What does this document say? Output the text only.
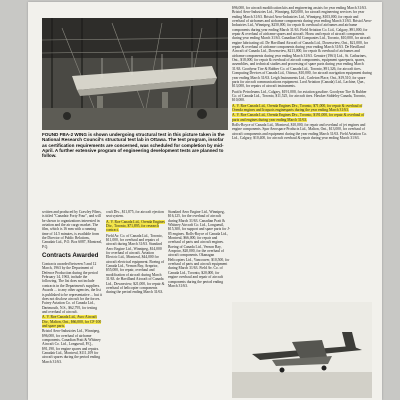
FOUND FBA-2 WING is shown undergoing structural test in this picture taken in the National Research Council's structural test lab in Ottawa. The test program, insofar as certification requirements are concerned, was scheduled for completion by mid-April. A further extensive program of engineering development tests are planned to follow.

$96,000, for aircraft modification kits and engineering assists for year ending March 31/63. Bristol Aero-Industries Ltd., Winnipeg, $20,000, for aircraft engineering services for year ending March 31/63. Bristol Aero-Industries Ltd., Winnipeg, $103,000, for repair and overhaul of airframes and airframe components during year ending March 31/63. Bristol Aero-Industries Ltd., Winnipeg, $250,000, for repair & overhaul of airframes and airframe components during year ending March 31/63. Field Aviation Co. Ltd., Calgary, $91,000, for repair & overhaul of airframe spares and aircraft. Hoaw and repair of aircraft components during year ending March 31/63. Canadian Oil Companies Ltd., Toronto, $10,000, for aircraft engine lubricating oil. De Havilland Aircraft of Canada Ltd., Downsview, Ont., $21,000, for repair & overhaul of airframe components during year ending March 31/63. De Havilland Aircraft of Canada Ltd., Downsview, $211,000, for repair & overhaul of airframes and airframe components during year ending March 31/63. Genaire (1961) Ltd., St. Catharines, Ont., $18,000, for repair & overhaul of aircraft components, equipment spareparts, spares, assemblies, and technical studies and processing of spare parts during year ending March 31/63. Goodyear Tire & Rubber Co. of Canada Ltd., Toronto, $91,326, for aircraft tires. Computing Devices of Canada Ltd., Ottawa, $10,000, for aircraft navigation equipment during year ending March 31/63. Leigh Instruments Ltd., Carleton Place, Ont., $19,510, for spare parts for aircraft communications equipment. Lord Aviation (Canada) Ltd., Lachine, Que., $13,000, for repairs of aircraft instruments.

Pacific Petroleums Ltd., Calgary, $191,000, for aviation gasoline. Goodyear Tire & Rubber Co. of Canada Ltd., Toronto, $11,525, for aircraft tires. Hawker Siddeley Canada, Toronto, $10,000.

A. V. Roe Canada Ltd., Orenda Engines Div., Toronto, $71,000, for repair & overhaul of Orenda engines and Iroquois enginesparts during the year ending March 31/63.

A. V. Roe Canada Ltd., Orenda Engines Div., Toronto, $191,000, for repair & overhaul of parts and engines during year ending March 31/63.

Rolls-Royce of Canada Ltd., Montreal, $10,000, for repair and overhaul of jet engines and engine components. Spar Aerospace Products Ltd., Malton, Ont., $13,000, for overhaul of aircraft components and equipment during the year ending March 31/63. Field Aviation Co. Ltd., Calgary, $10,400, for aircraft overhaul & repair during year ending March 31/63.

written and produced by Crawley Films, is titled "Canadair Forty Four", and will be shown to organizations interested in aviation and the air cargo market. The film, which is 16 mm with a running time of 14.5 minutes, is available from the Director of Public Relations, Canadair Ltd., P.O. Box 6087, Montreal, P.Q.

Contracts Awarded

Contracts awarded between 5 and 12 March, 1963 by the Department of Defence Production during the period February 14, 1963, include the following. The list does not include contracts in the Department's suppliers. Awards ... to any other agencies, the list is published to be representative ... but it does not disclose aircraft for the forces. Fairey Aviation Co. of Canada Ltd., Dartmouth, N.S., $62,795, for testing and overhaul of aircraft.

A. V. Roe Canada Ltd., Avro Aircraft Div., Malton, Ont., $66,000, for CF-100 and spare parts.

Bristol Aero-Industries Ltd., Winnipeg, $96,000, for overhaul of airframe components. Canadian Pratt & Whitney Aircraft Co. Ltd., Longueuil, P.Q., $91,190, for engine spares and repairs. Canadair Ltd., Montreal, $111,109 for aircraft spares during the period ending March 31/63.

craft Div., $11,875, for aircraft ejection seat system.

A. V. Roe Canada Ltd., Orenda Engines Div., Toronto, $71,895, for research contract.

Field Av. Co. of Canada Ltd., Toronto, $11,000, for overhaul and repairs of aircraft during March 31/63. Standard Aero Engine Ltd., Winnipeg, $14,000 for overhaul of aircraft. Aviation Electric Ltd., Montreal, $44,000 for aircraft electrical equipment. Boeing of Canada Ltd., Vernon Bay, Arnprior, $55,000, for repair, overhaul and modification of aircraft during March 31/63. de Havilland Aircraft of Canada Ltd., Downsview, $21,000, for repair & overhaul of helicopter components during the period ending March 31/63.

Standard Aero Engine Ltd., Winnipeg, $16,125, for the overhaul of aircraft during March 31/63. Canadian Pratt & Whitney Aircraft Co. Ltd., Longueuil, $15,300, for support and spare parts for J-85 engines. Rolls-Royce of Canada Ltd., Montreal, $66,000, for repair and overhaul of parts and aircraft engines. Boeing of Canada Ltd., Vernon Bay, Arnprior, $20,000, for the overhaul of aircraft components. Okanagan Helicopters Ltd., Vancouver, $10,500, for overhaul of parts and aircraft equipment during March 31/63. Field Av. Co. of Canada Ltd., Toronto, $20,000, for engine overhaul and repair of aircraft components during the period ending March 31/63.
